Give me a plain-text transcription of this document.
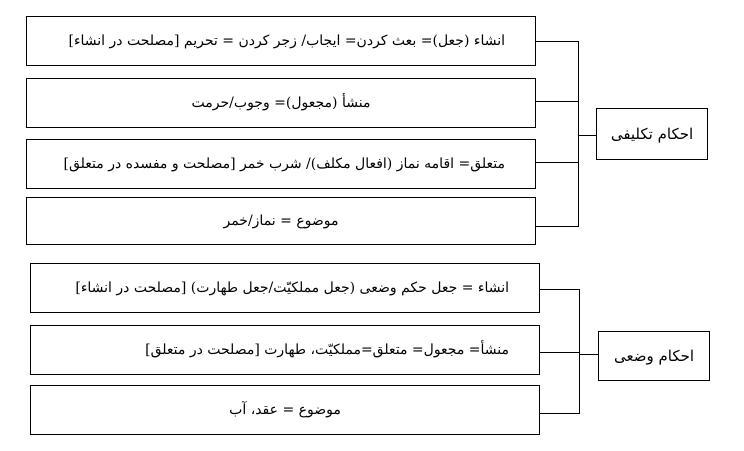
احکام تکلیفی
انشاء (جعل)= بعث کردن= ایجاب/ زجر کردن = تحریم [مصلحت در انشاء]
منشأ (مجعول)= وجوب/حرمت
متعلق= اقامه نماز (افعال مکلف)/ شرب خمر [مصلحت و مفسده در متعلق]
موضوع = نماز/خمر
احکام وضعی
انشاء = جعل حکم وضعی (جعل مملکیّت/جعل طهارت) [مصلحت در انشاء]
منشأ= مجعول= متعلق=مملکیّت، طهارت [مصلحت در متعلق]
موضوع = عقد، آب
